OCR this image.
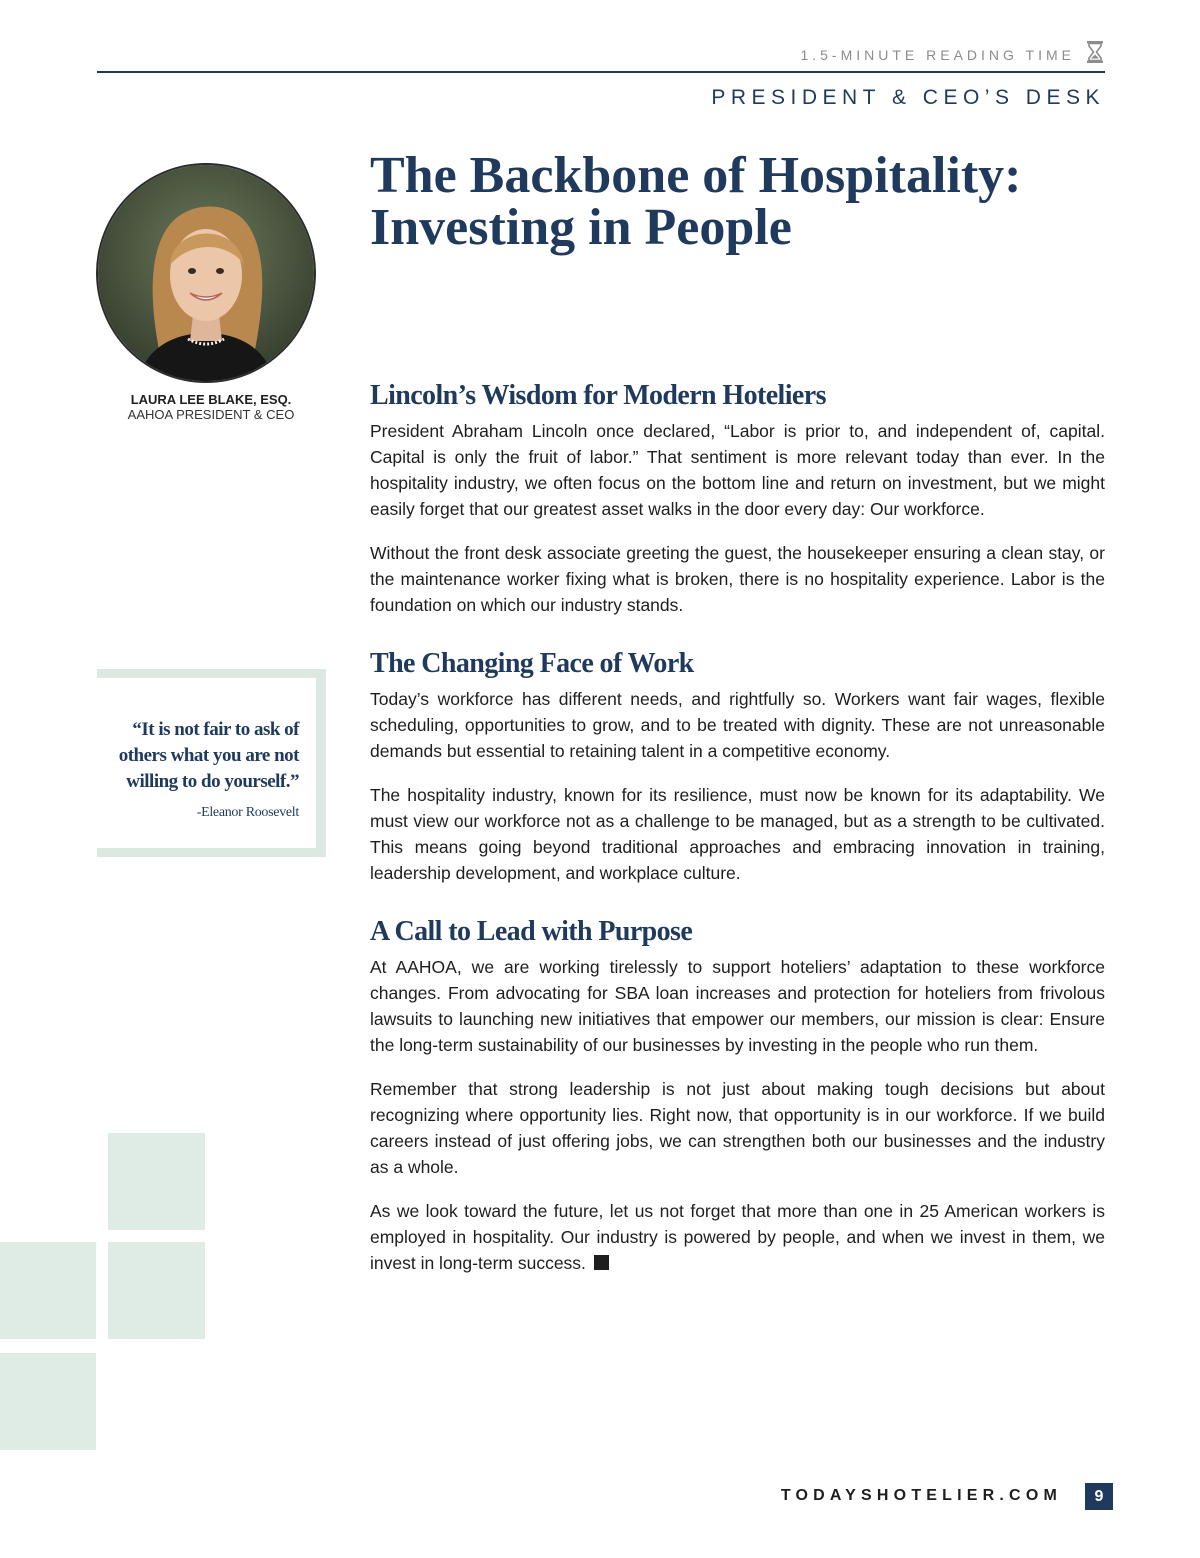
1.5-MINUTE READING TIME
PRESIDENT & CEO’S DESK
The Backbone of Hospitality: Investing in People
LAURA LEE BLAKE, ESQ.
AAHOA PRESIDENT & CEO
“It is not fair to ask of others what you are not willing to do yourself.”
-Eleanor Roosevelt
Lincoln’s Wisdom for Modern Hoteliers

President Abraham Lincoln once declared, “Labor is prior to, and independent of, capital. Capital is only the fruit of labor.” That sentiment is more relevant today than ever. In the hospitality industry, we often focus on the bottom line and return on investment, but we might easily forget that our greatest asset walks in the door every day: Our workforce.

Without the front desk associate greeting the guest, the housekeeper ensuring a clean stay, or the maintenance worker fixing what is broken, there is no hospitality experience. Labor is the foundation on which our industry stands.

The Changing Face of Work

Today’s workforce has different needs, and rightfully so. Workers want fair wages, flexible scheduling, opportunities to grow, and to be treated with dignity. These are not unreasonable demands but essential to retaining talent in a competitive economy.

The hospitality industry, known for its resilience, must now be known for its adaptability. We must view our workforce not as a challenge to be managed, but as a strength to be cultivated. This means going beyond traditional approaches and embracing innovation in training, leadership development, and workplace culture.

A Call to Lead with Purpose

At AAHOA, we are working tirelessly to support hoteliers’ adaptation to these workforce changes. From advocating for SBA loan increases and protection for hoteliers from frivolous lawsuits to launching new initiatives that empower our members, our mission is clear: Ensure the long-term sustainability of our businesses by investing in the people who run them.

Remember that strong leadership is not just about making tough decisions but about recognizing where opportunity lies. Right now, that opportunity is in our workforce. If we build careers instead of just offering jobs, we can strengthen both our businesses and the industry as a whole.

As we look toward the future, let us not forget that more than one in 25 American workers is employed in hospitality. Our industry is powered by people, and when we invest in them, we invest in long-term success.

TODAYSHOTELIER.COM	9
